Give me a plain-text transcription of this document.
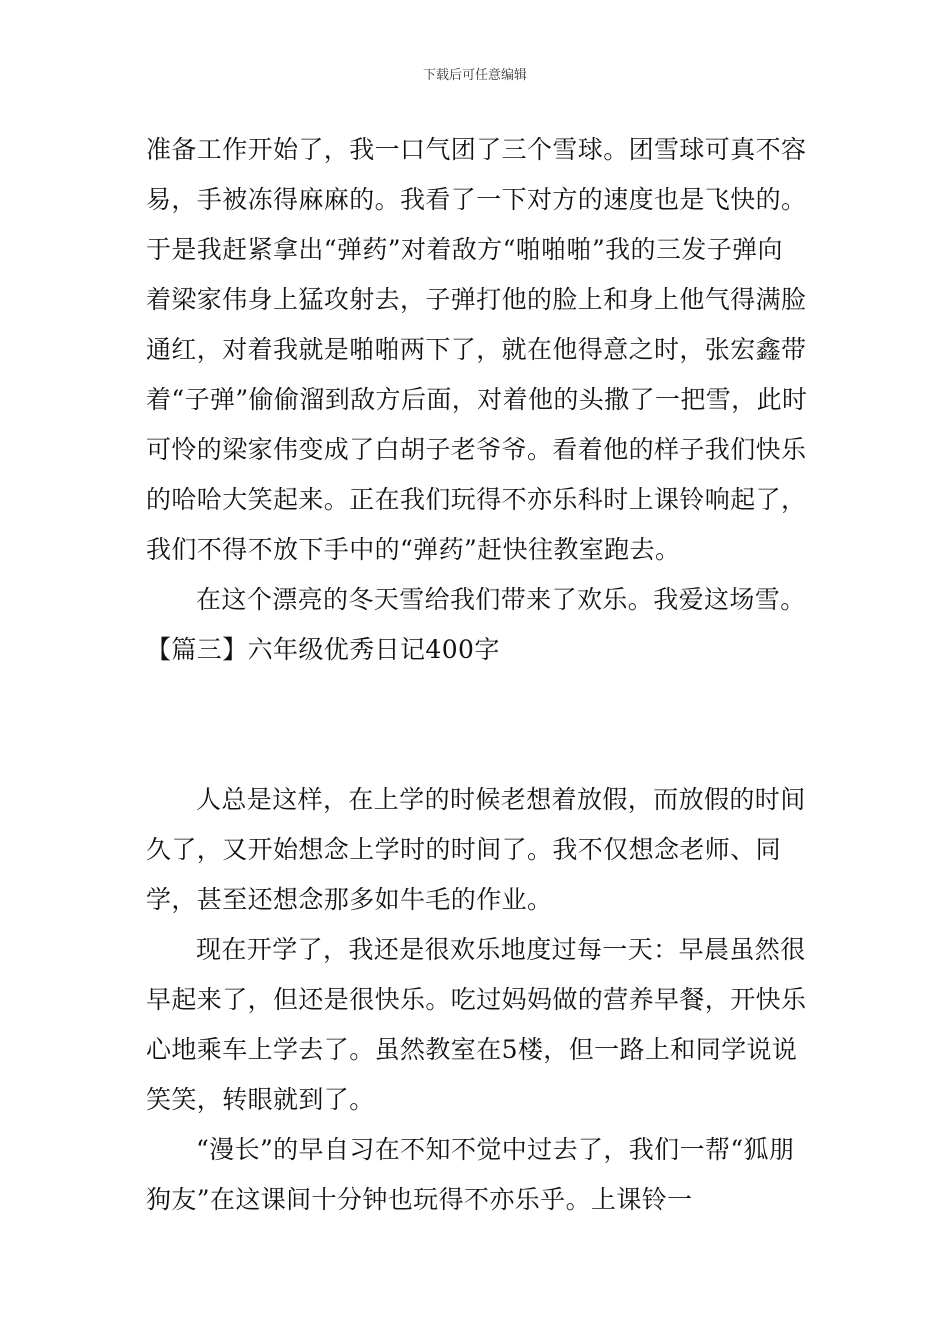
下载后可任意编辑

准备工作开始了，我一口气团了三个雪球。团雪球可真不容易，手被冻得麻麻的。我看了一下对方的速度也是飞快的。于是我赶紧拿出“弹药”对着敌方“啪啪啪”我的三发子弹向着梁家伟身上猛攻射去，子弹打他的脸上和身上他气得满脸通红，对着我就是啪啪两下了，就在他得意之时，张宏鑫带着“子弹”偷偷溜到敌方后面，对着他的头撒了一把雪，此时可怜的梁家伟变成了白胡子老爷爷。看着他的样子我们快乐的哈哈大笑起来。正在我们玩得不亦乐科时上课铃响起了，我们不得不放下手中的“弹药”赶快往教室跑去。

在这个漂亮的冬天雪给我们带来了欢乐。我爱这场雪。

【篇三】六年级优秀日记400字

人总是这样，在上学的时候老想着放假，而放假的时间久了，又开始想念上学时的时间了。我不仅想念老师、同学，甚至还想念那多如牛毛的作业。

现在开学了，我还是很欢乐地度过每一天：早晨虽然很早起来了，但还是很快乐。吃过妈妈做的营养早餐，开快乐心地乘车上学去了。虽然教室在5楼，但一路上和同学说说笑笑，转眼就到了。

“漫长”的早自习在不知不觉中过去了，我们一帮“狐朋狗友”在这课间十分钟也玩得不亦乐乎。上课铃一
